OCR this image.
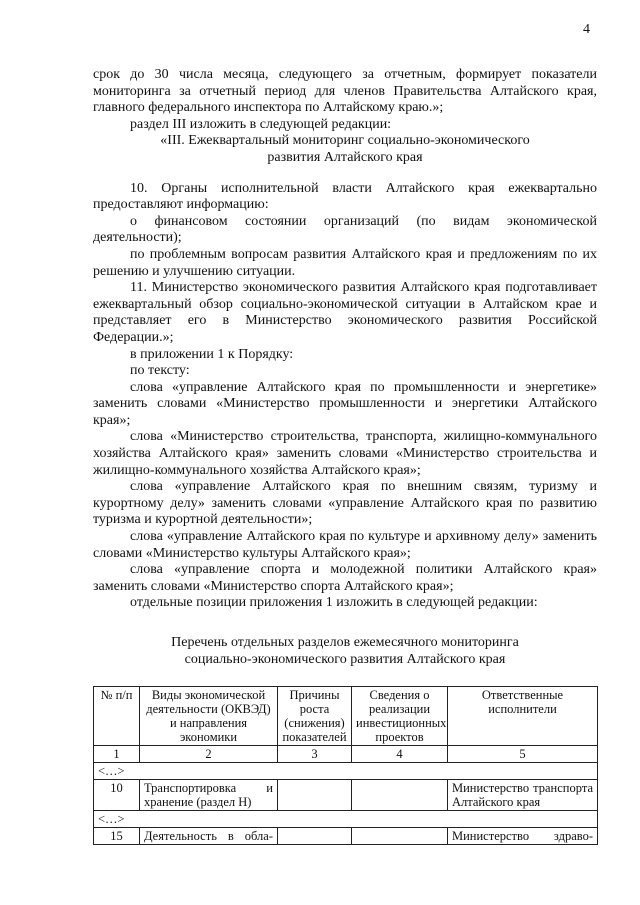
4

срок до 30 числа месяца, следующего за отчетным, формирует показатели мониторинга за отчетный период для членов Правительства Алтайского края, главного федерального инспектора по Алтайскому краю.»;

раздел III изложить в следующей редакции:

«III. Ежеквартальный мониторинг социально-экономического

развития Алтайского края

10. Органы исполнительной власти Алтайского края ежеквартально предоставляют информацию:

о финансовом состоянии организаций (по видам экономической деятельности);

по проблемным вопросам развития Алтайского края и предложениям по их решению и улучшению ситуации.

11. Министерство экономического развития Алтайского края подготавливает ежеквартальный обзор социально-экономической ситуации в Алтайском крае и представляет его в Министерство экономического развития Российской Федерации.»;

в приложении 1 к Порядку:

по тексту:

слова «управление Алтайского края по промышленности и энергетике» заменить словами «Министерство промышленности и энергетики Алтайского края»;

слова «Министерство строительства, транспорта, жилищно-коммунального хозяйства Алтайского края» заменить словами «Министерство строительства и жилищно-коммунального хозяйства Алтайского края»;

слова «управление Алтайского края по внешним связям, туризму и курортному делу» заменить словами «управление Алтайского края по развитию туризма и курортной деятельности»;

слова «управление Алтайского края по культуре и архивному делу» заменить словами «Министерство культуры Алтайского края»;

слова «управление спорта и молодежной политики Алтайского края» заменить словами «Министерство спорта Алтайского края»;

отдельные позиции приложения 1 изложить в следующей редакции:

Перечень отдельных разделов ежемесячного мониторинга

социально-экономического развития Алтайского края

№ п/п	Виды экономической деятельности (ОКВЭД) и направления экономики	Причины роста (снижения) показателей	Сведения о реализации инвестиционных проектов	Ответственные исполнители
1	2	3	4	5
<…>				
10	Транспортировка и хранение (раздел H)			Министерство транспорта Алтайского края
<…>				
15	Деятельность в обла-			Министерство здраво-
